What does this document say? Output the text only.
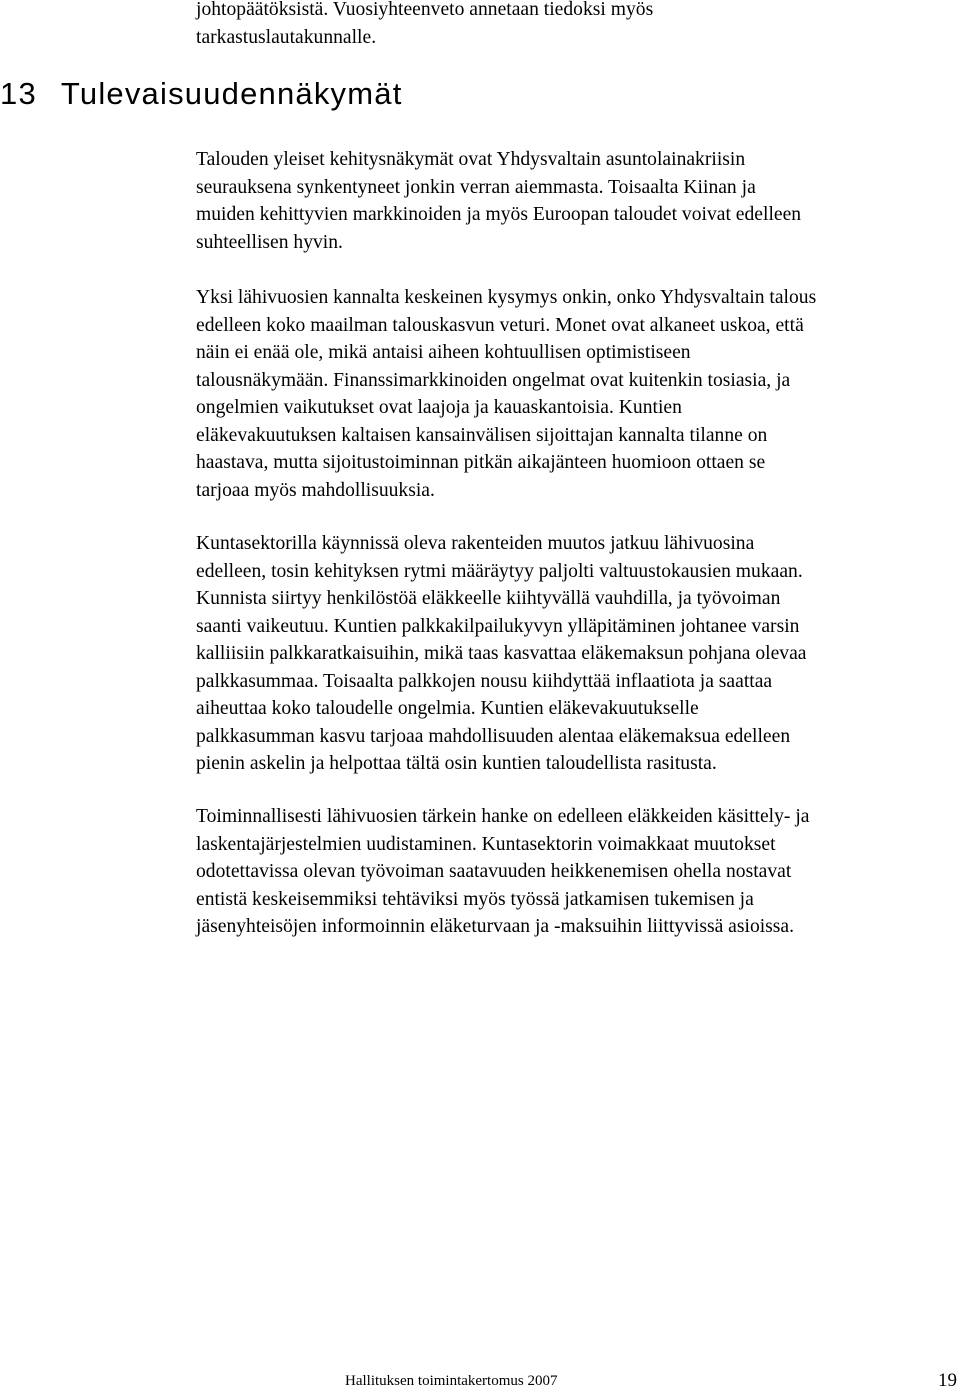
johtopäätöksistä. Vuosiyhteenveto annetaan tiedoksi myös
tarkastuslautakunnalle.

13 Tulevaisuudennäkymät

Talouden yleiset kehitysnäkymät ovat Yhdysvaltain asuntolainakriisin
seurauksena synkentyneet jonkin verran aiemmasta. Toisaalta Kiinan ja
muiden kehittyvien markkinoiden ja myös Euroopan taloudet voivat edelleen
suhteellisen hyvin.

Yksi lähivuosien kannalta keskeinen kysymys onkin, onko Yhdysvaltain talous
edelleen koko maailman talouskasvun veturi. Monet ovat alkaneet uskoa, että
näin ei enää ole, mikä antaisi aiheen kohtuullisen optimistiseen
talousnäkymään. Finanssimarkkinoiden ongelmat ovat kuitenkin tosiasia, ja
ongelmien vaikutukset ovat laajoja ja kauaskantoisia. Kuntien
eläkevakuutuksen kaltaisen kansainvälisen sijoittajan kannalta tilanne on
haastava, mutta sijoitustoiminnan pitkän aikajänteen huomioon ottaen se
tarjoaa myös mahdollisuuksia.

Kuntasektorilla käynnissä oleva rakenteiden muutos jatkuu lähivuosina
edelleen, tosin kehityksen rytmi määräytyy paljolti valtuustokausien mukaan.
Kunnista siirtyy henkilöstöä eläkkeelle kiihtyvällä vauhdilla, ja työvoiman
saanti vaikeutuu. Kuntien palkkakilpailukyvyn ylläpitäminen johtanee varsin
kalliisiin palkkaratkaisuihin, mikä taas kasvattaa eläkemaksun pohjana olevaa
palkkasummaa. Toisaalta palkkojen nousu kiihdyttää inflaatiota ja saattaa
aiheuttaa koko taloudelle ongelmia. Kuntien eläkevakuutukselle
palkkasumman kasvu tarjoaa mahdollisuuden alentaa eläkemaksua edelleen
pienin askelin ja helpottaa tältä osin kuntien taloudellista rasitusta.

Toiminnallisesti lähivuosien tärkein hanke on edelleen eläkkeiden käsittely- ja
laskentajärjestelmien uudistaminen. Kuntasektorin voimakkaat muutokset
odotettavissa olevan työvoiman saatavuuden heikkenemisen ohella nostavat
entistä keskeisemmiksi tehtäviksi myös työssä jatkamisen tukemisen ja
jäsenyhteisöjen informoinnin eläketurvaan ja -maksuihin liittyvissä asioissa.

Hallituksen toimintakertomus 2007	19
